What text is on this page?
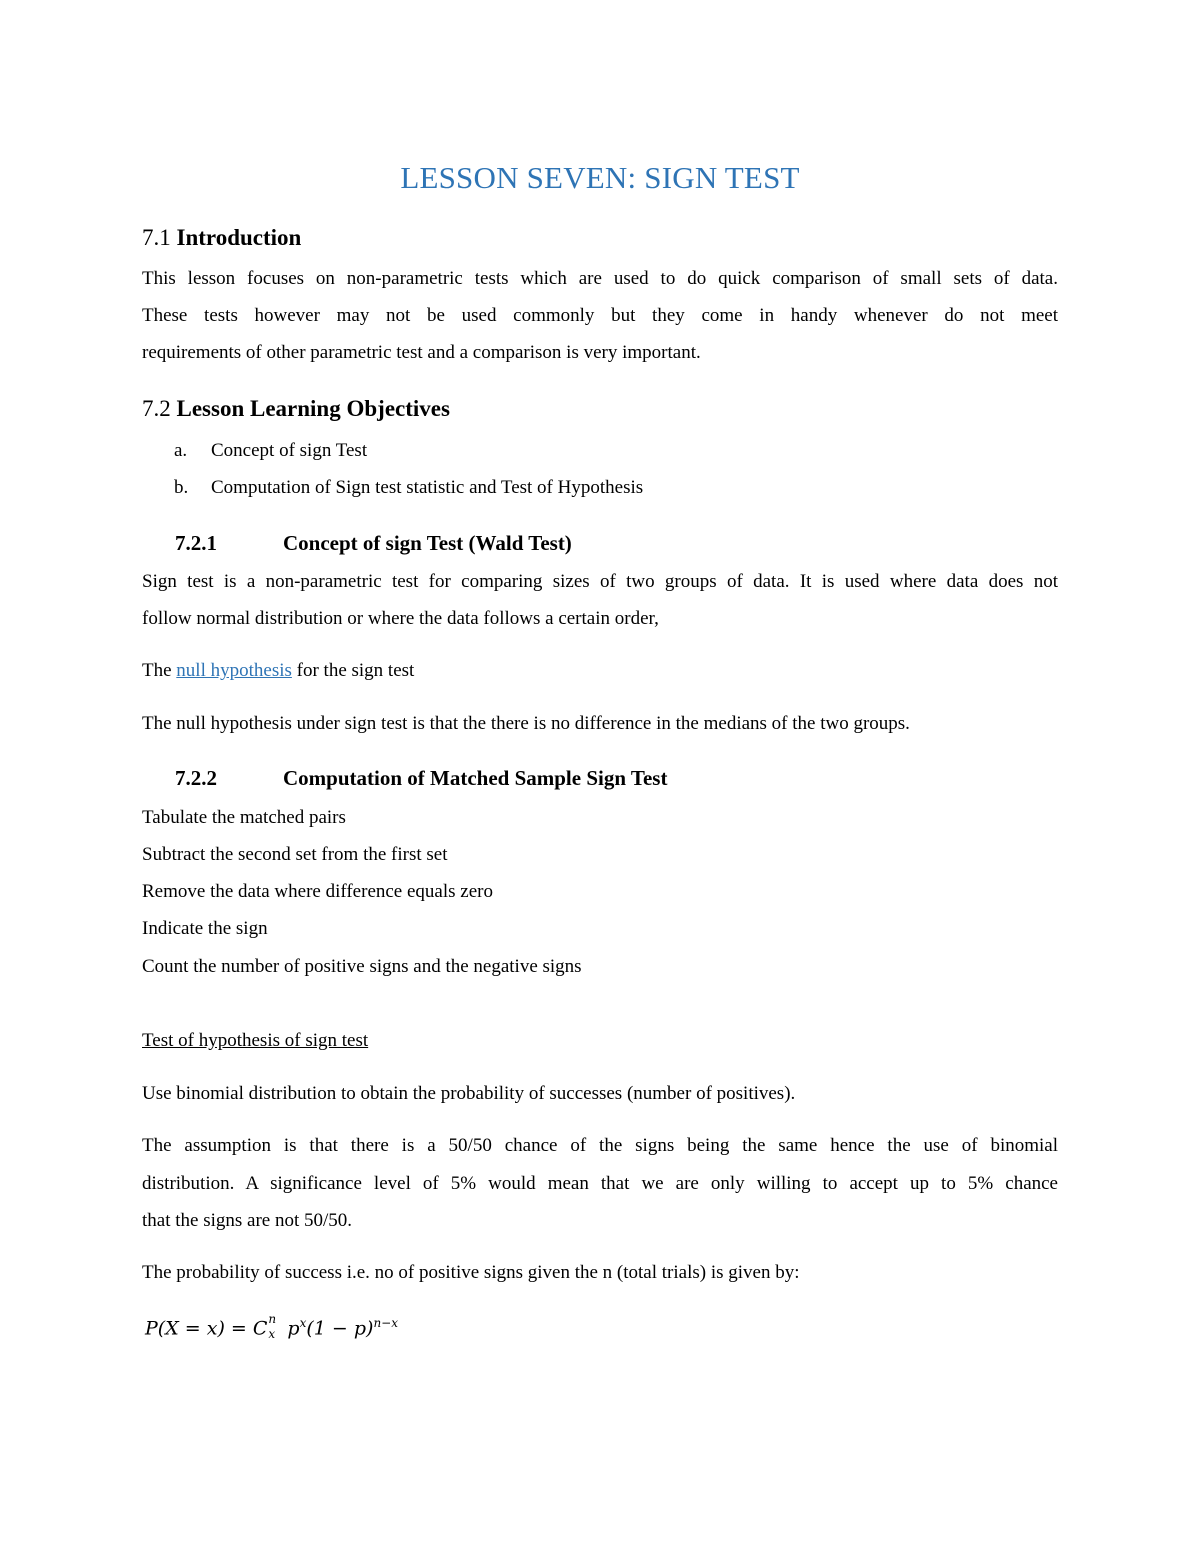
LESSON SEVEN: SIGN TEST
7.1 Introduction
This lesson focuses on non-parametric tests which are used to do quick comparison of small sets of data.
These tests however may not be used commonly but they come in handy whenever do not meet
requirements of other parametric test and a comparison is very important.
7.2 Lesson Learning Objectives
a. Concept of sign Test
b. Computation of Sign test statistic and Test of Hypothesis
7.2.1	Concept of sign Test (Wald Test)
Sign test is a non-parametric test for comparing sizes of two groups of data. It is used where data does not
follow normal distribution or where the data follows a certain order,
The null hypothesis for the sign test
The null hypothesis under sign test is that the there is no difference in the medians of the two groups.
7.2.2	Computation of Matched Sample Sign Test
Tabulate the matched pairs
Subtract the second set from the first set
Remove the data where difference equals zero
Indicate the sign
Count the number of positive signs and the negative signs
Test of hypothesis of sign test
Use binomial distribution to obtain the probability of successes (number of positives).
The assumption is that there is a 50/50 chance of the signs being the same hence the use of binomial
distribution. A significance level of 5% would mean that we are only willing to accept up to 5% chance
that the signs are not 50/50.
The probability of success i.e. no of positive signs given the n (total trials) is given by:
P(X = x) = C n
x $p^x(1 - p)^{n-x}$
